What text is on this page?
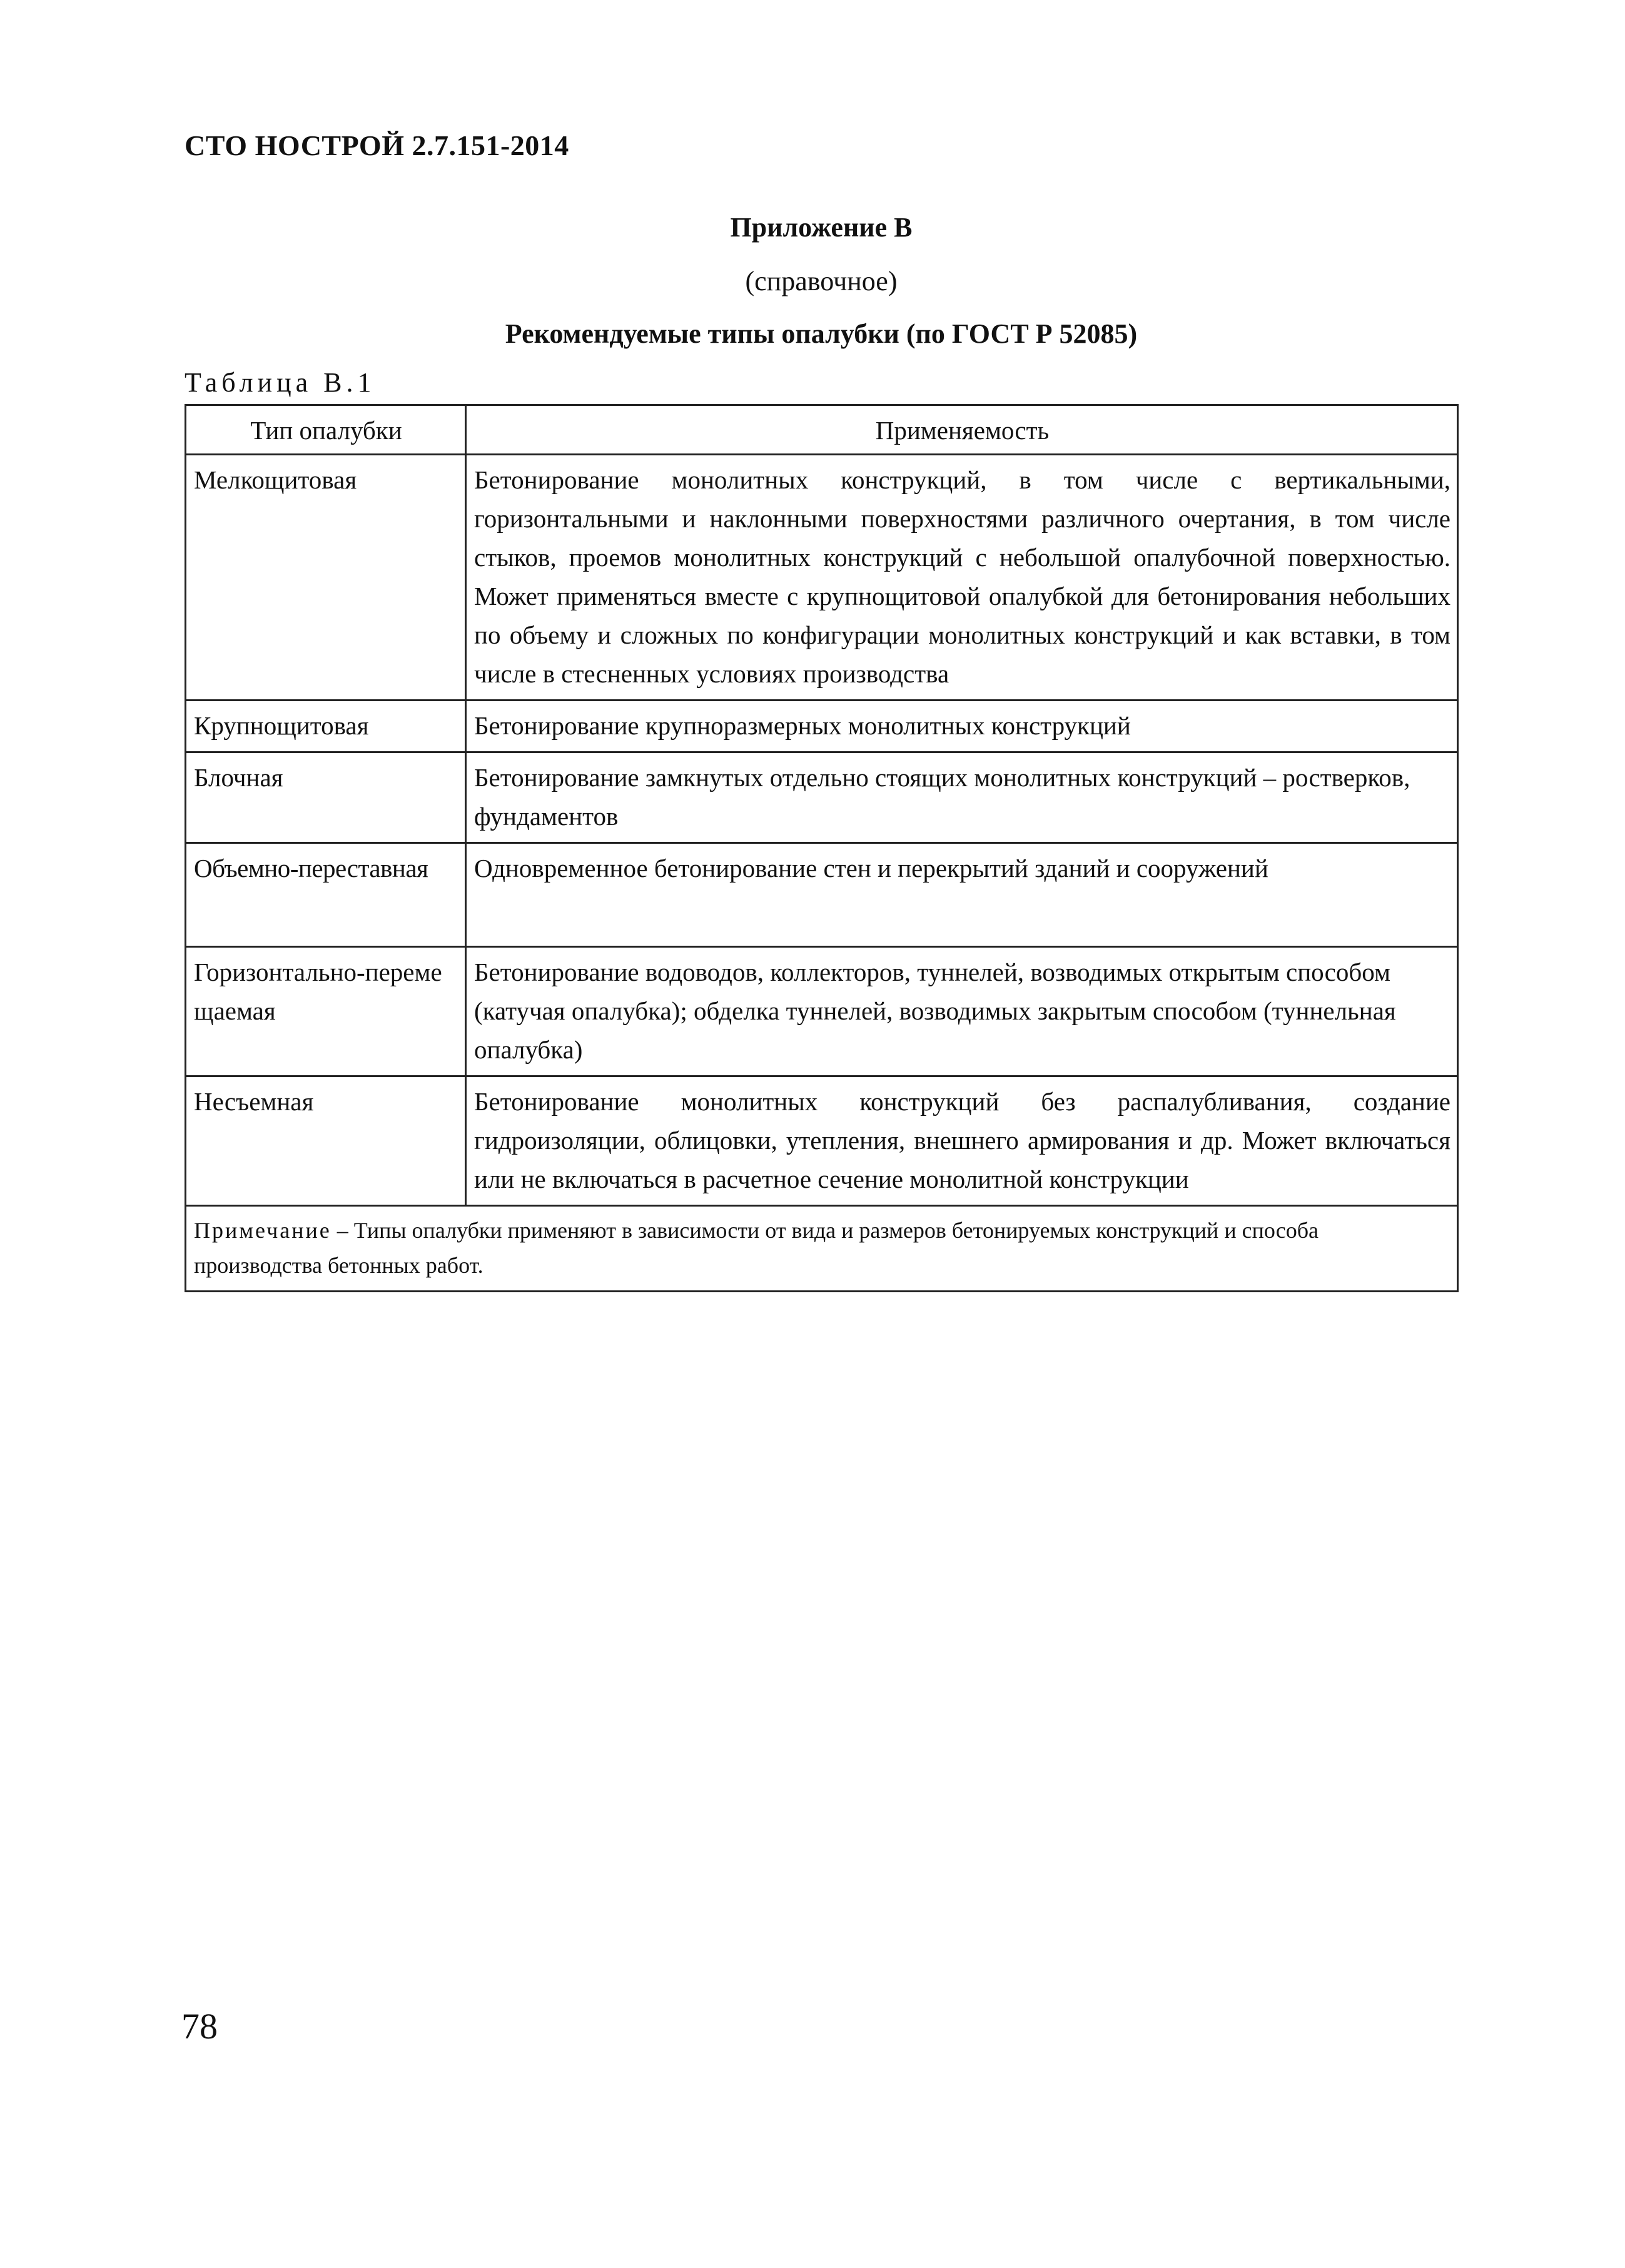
СТО НОСТРОЙ 2.7.151-2014
Приложение В
(справочное)
Рекомендуемые типы опалубки (по ГОСТ Р 52085)
Таблица В.1
Тип опалубки	Применяемость
Мелкощитовая	Бетонирование монолитных конструкций, в том числе с вертикальными, горизонтальными и наклонными поверхностями различного очертания, в том числе стыков, проемов монолитных конструкций с небольшой опалубочной поверхностью. Может применяться вместе с крупнощитовой опалубкой для бетонирования небольших по объему и сложных по конфигурации монолитных конструкций и как вставки, в том числе в стесненных условиях производства
Крупнощитовая	Бетонирование крупноразмерных монолитных конструкций
Блочная	Бетонирование замкнутых отдельно стоящих монолитных конструкций – ростверков, фундаментов
Объемно-переставная	Одновременное бетонирование стен и перекрытий зданий и сооружений

Горизонтально-перемещаемая	Бетонирование водоводов, коллекторов, туннелей, возводимых открытым способом (катучая опалубка); обделка туннелей, возводимых закрытым способом (туннельная опалубка)
Несъемная	Бетонирование монолитных конструкций без распалубливания, создание гидроизоляции, облицовки, утепления, внешнего армирования и др. Может включаться или не включаться в расчетное сечение монолитной конструкции
Примечание – Типы опалубки применяют в зависимости от вида и размеров бетонируемых конструкций и способа производства бетонных работ.	
78
